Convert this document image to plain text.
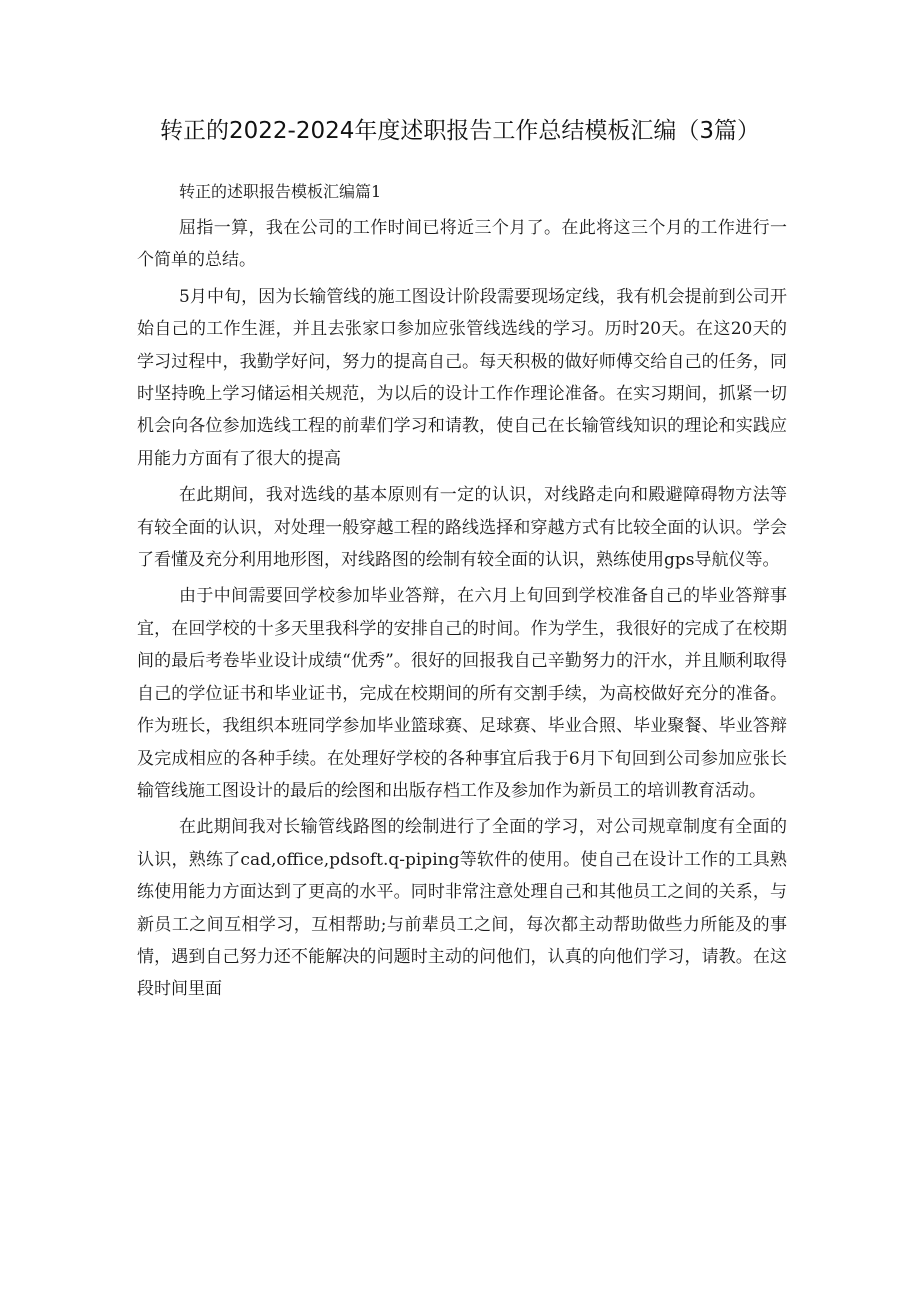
转正的2022-2024年度述职报告工作总结模板汇编（3篇）
转正的述职报告模板汇编篇1

屈指一算，我在公司的工作时间已将近三个月了。在此将这三个月的工作进行一个简单的总结。

5月中旬，因为长输管线的施工图设计阶段需要现场定线，我有机会提前到公司开始自己的工作生涯，并且去张家口参加应张管线选线的学习。历时20天。在这20天的学习过程中，我勤学好问，努力的提高自己。每天积极的做好师傅交给自己的任务，同时坚持晚上学习储运相关规范，为以后的设计工作作理论准备。在实习期间，抓紧一切机会向各位参加选线工程的前辈们学习和请教，使自己在长输管线知识的理论和实践应用能力方面有了很大的提高

在此期间，我对选线的基本原则有一定的认识，对线路走向和殿避障碍物方法等有较全面的认识，对处理一般穿越工程的路线选择和穿越方式有比较全面的认识。学会了看懂及充分利用地形图，对线路图的绘制有较全面的认识，熟练使用gps导航仪等。

由于中间需要回学校参加毕业答辩，在六月上旬回到学校准备自己的毕业答辩事宜，在回学校的十多天里我科学的安排自己的时间。作为学生，我很好的完成了在校期间的最后考卷毕业设计成绩“优秀”。很好的回报我自己辛勤努力的汗水，并且顺利取得自己的学位证书和毕业证书，完成在校期间的所有交割手续，为高校做好充分的准备。作为班长，我组织本班同学参加毕业篮球赛、足球赛、毕业合照、毕业聚餐、毕业答辩及完成相应的各种手续。在处理好学校的各种事宜后我于6月下旬回到公司参加应张长输管线施工图设计的最后的绘图和出版存档工作及参加作为新员工的培训教育活动。

在此期间我对长输管线路图的绘制进行了全面的学习，对公司规章制度有全面的认识，熟练了cad,office,pdsoft.q-piping等软件的使用。使自己在设计工作的工具熟练使用能力方面达到了更高的水平。同时非常注意处理自己和其他员工之间的关系，与新员工之间互相学习，互相帮助;与前辈员工之间，每次都主动帮助做些力所能及的事情，遇到自己努力还不能解决的问题时主动的问他们，认真的向他们学习，请教。在这段时间里面
